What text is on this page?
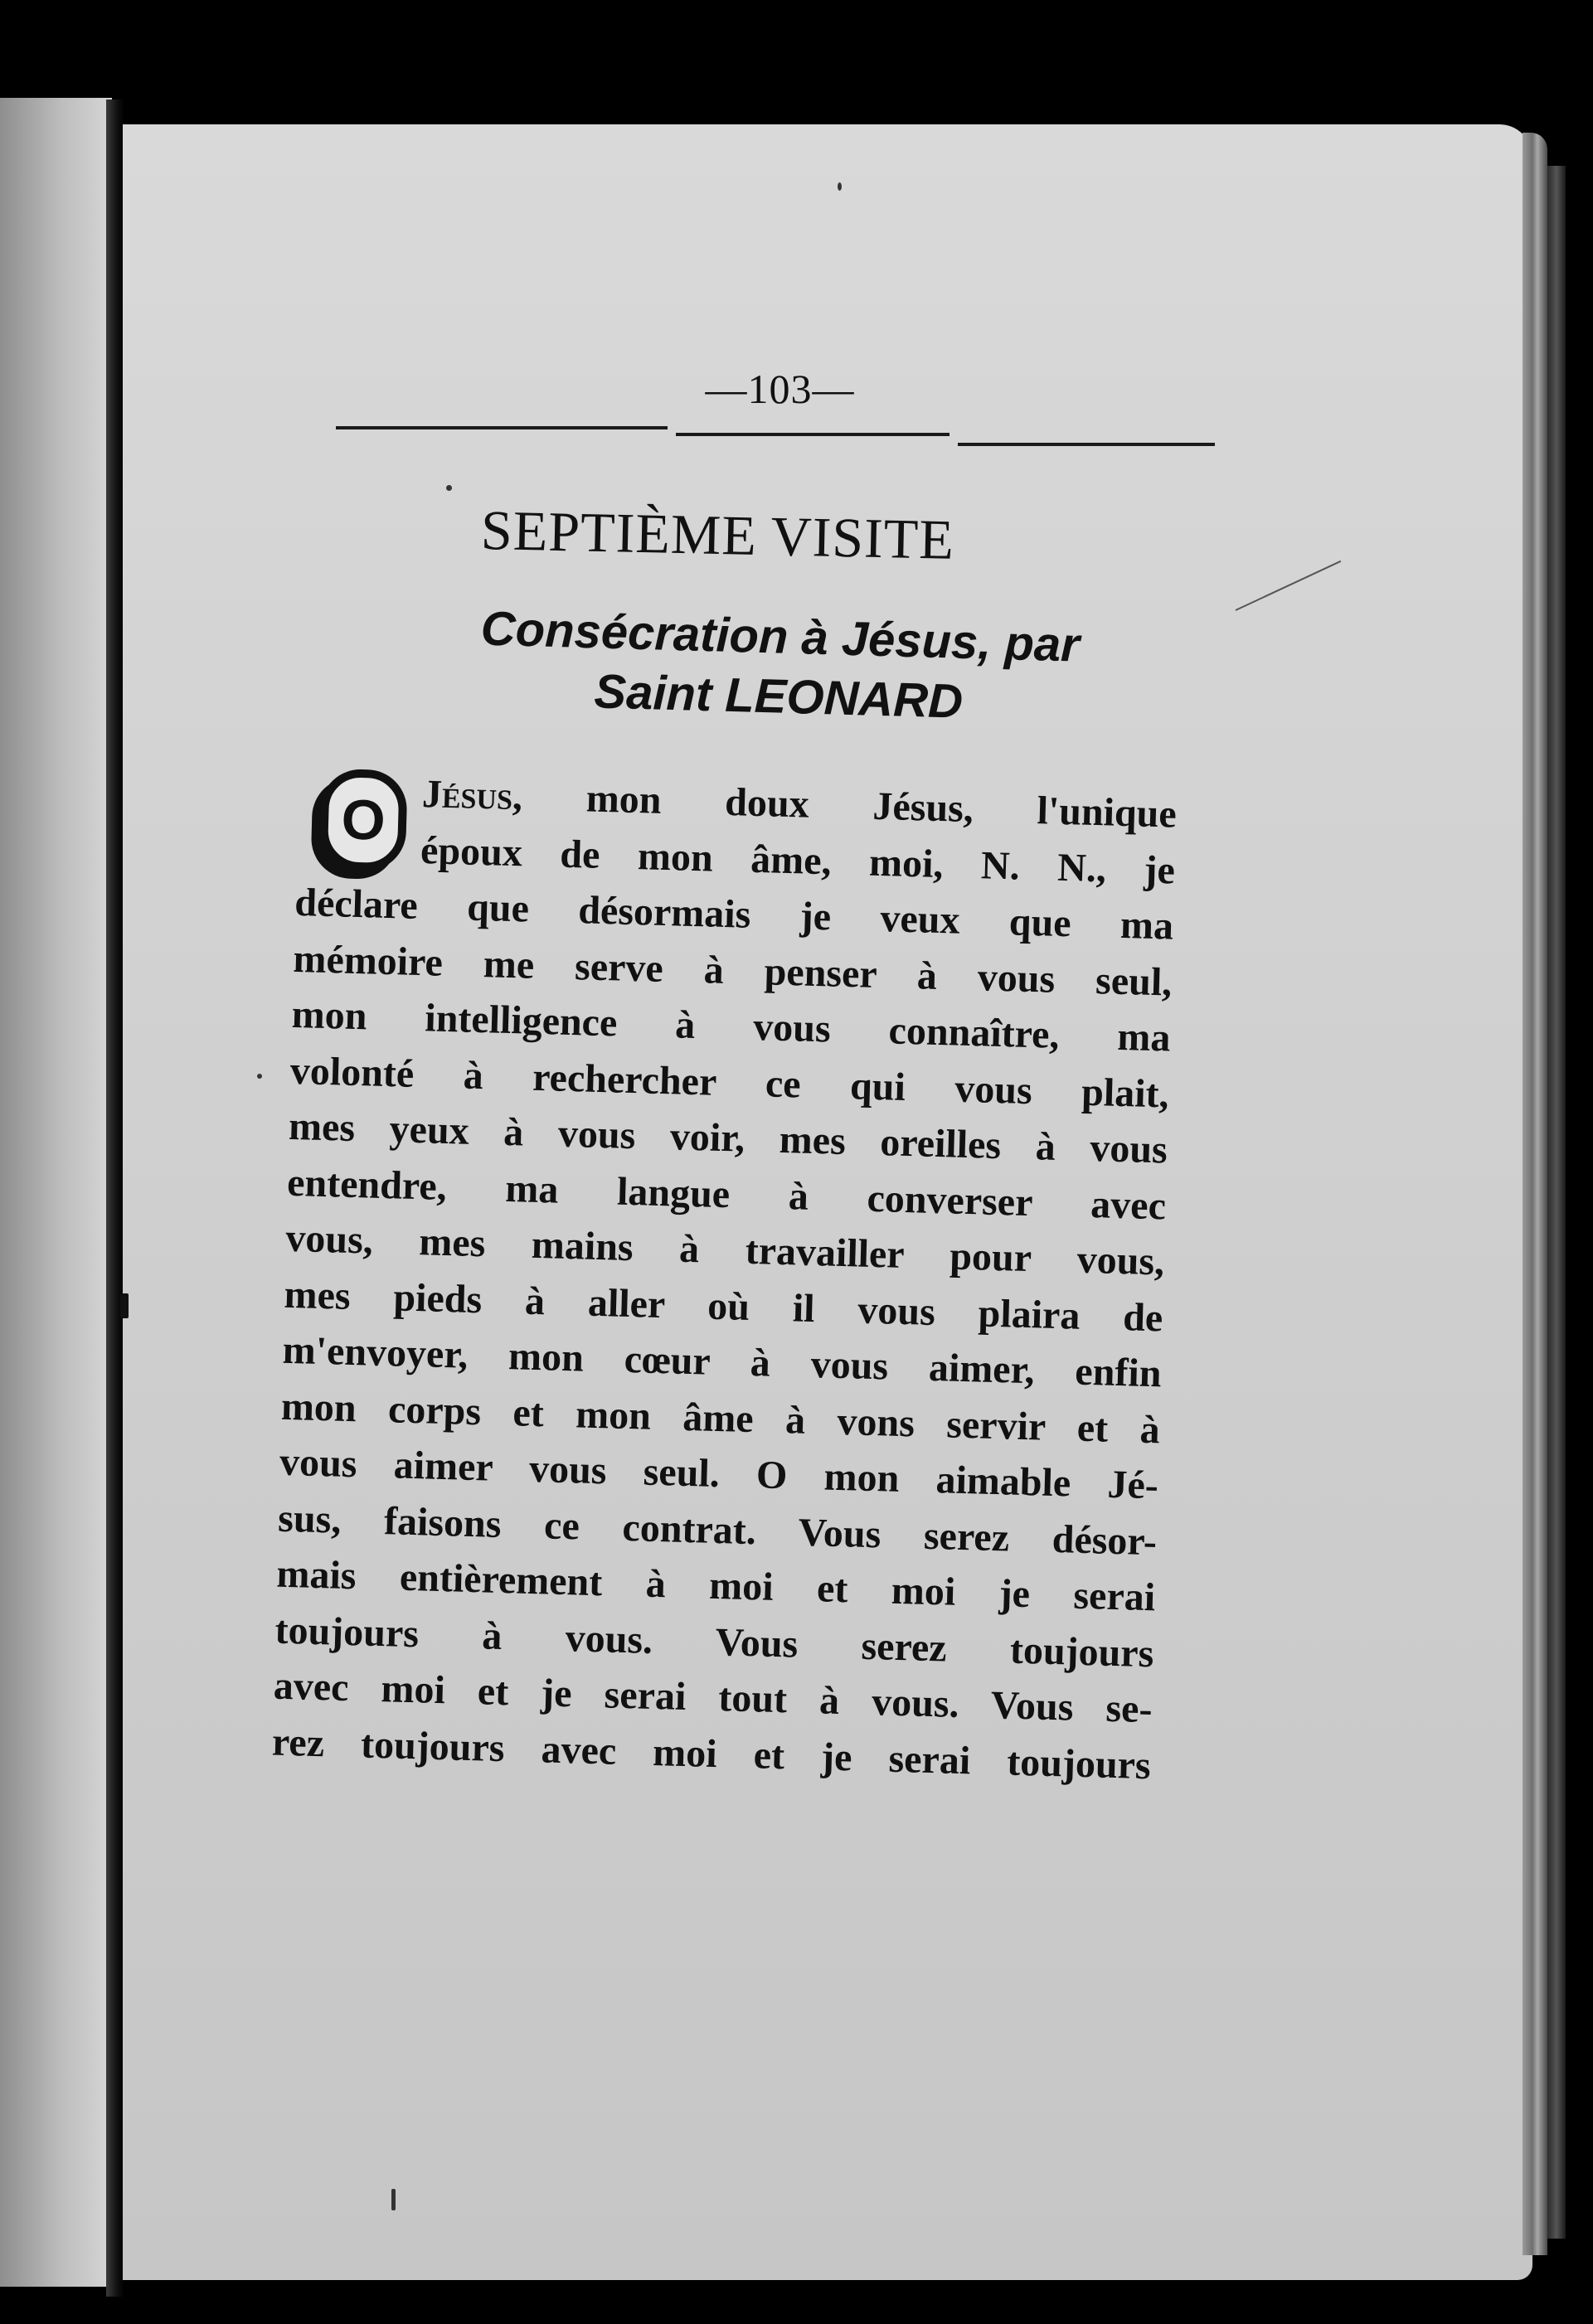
—103—
SEPTIÈME VISITE
Consécration à Jésus, par
Saint LEONARD
O Jésus, mon doux Jésus, l'unique
époux de mon âme, moi, N. N., je
déclare que désormais je veux que ma
mémoire me serve à penser à vous seul,
mon intelligence à vous connaître, ma
volonté à rechercher ce qui vous plait,
mes yeux à vous voir, mes oreilles à vous
entendre, ma langue à converser avec
vous, mes mains à travailler pour vous,
mes pieds à aller où il vous plaira de
m'envoyer, mon cœur à vous aimer, enfin
mon corps et mon âme à vons servir et à
vous aimer vous seul. O mon aimable Jé-
sus, faisons ce contrat. Vous serez désor-
mais entièrement à moi et moi je serai
toujours à vous. Vous serez toujours
avec moi et je serai tout à vous. Vous se-
rez toujours avec moi et je serai toujours
